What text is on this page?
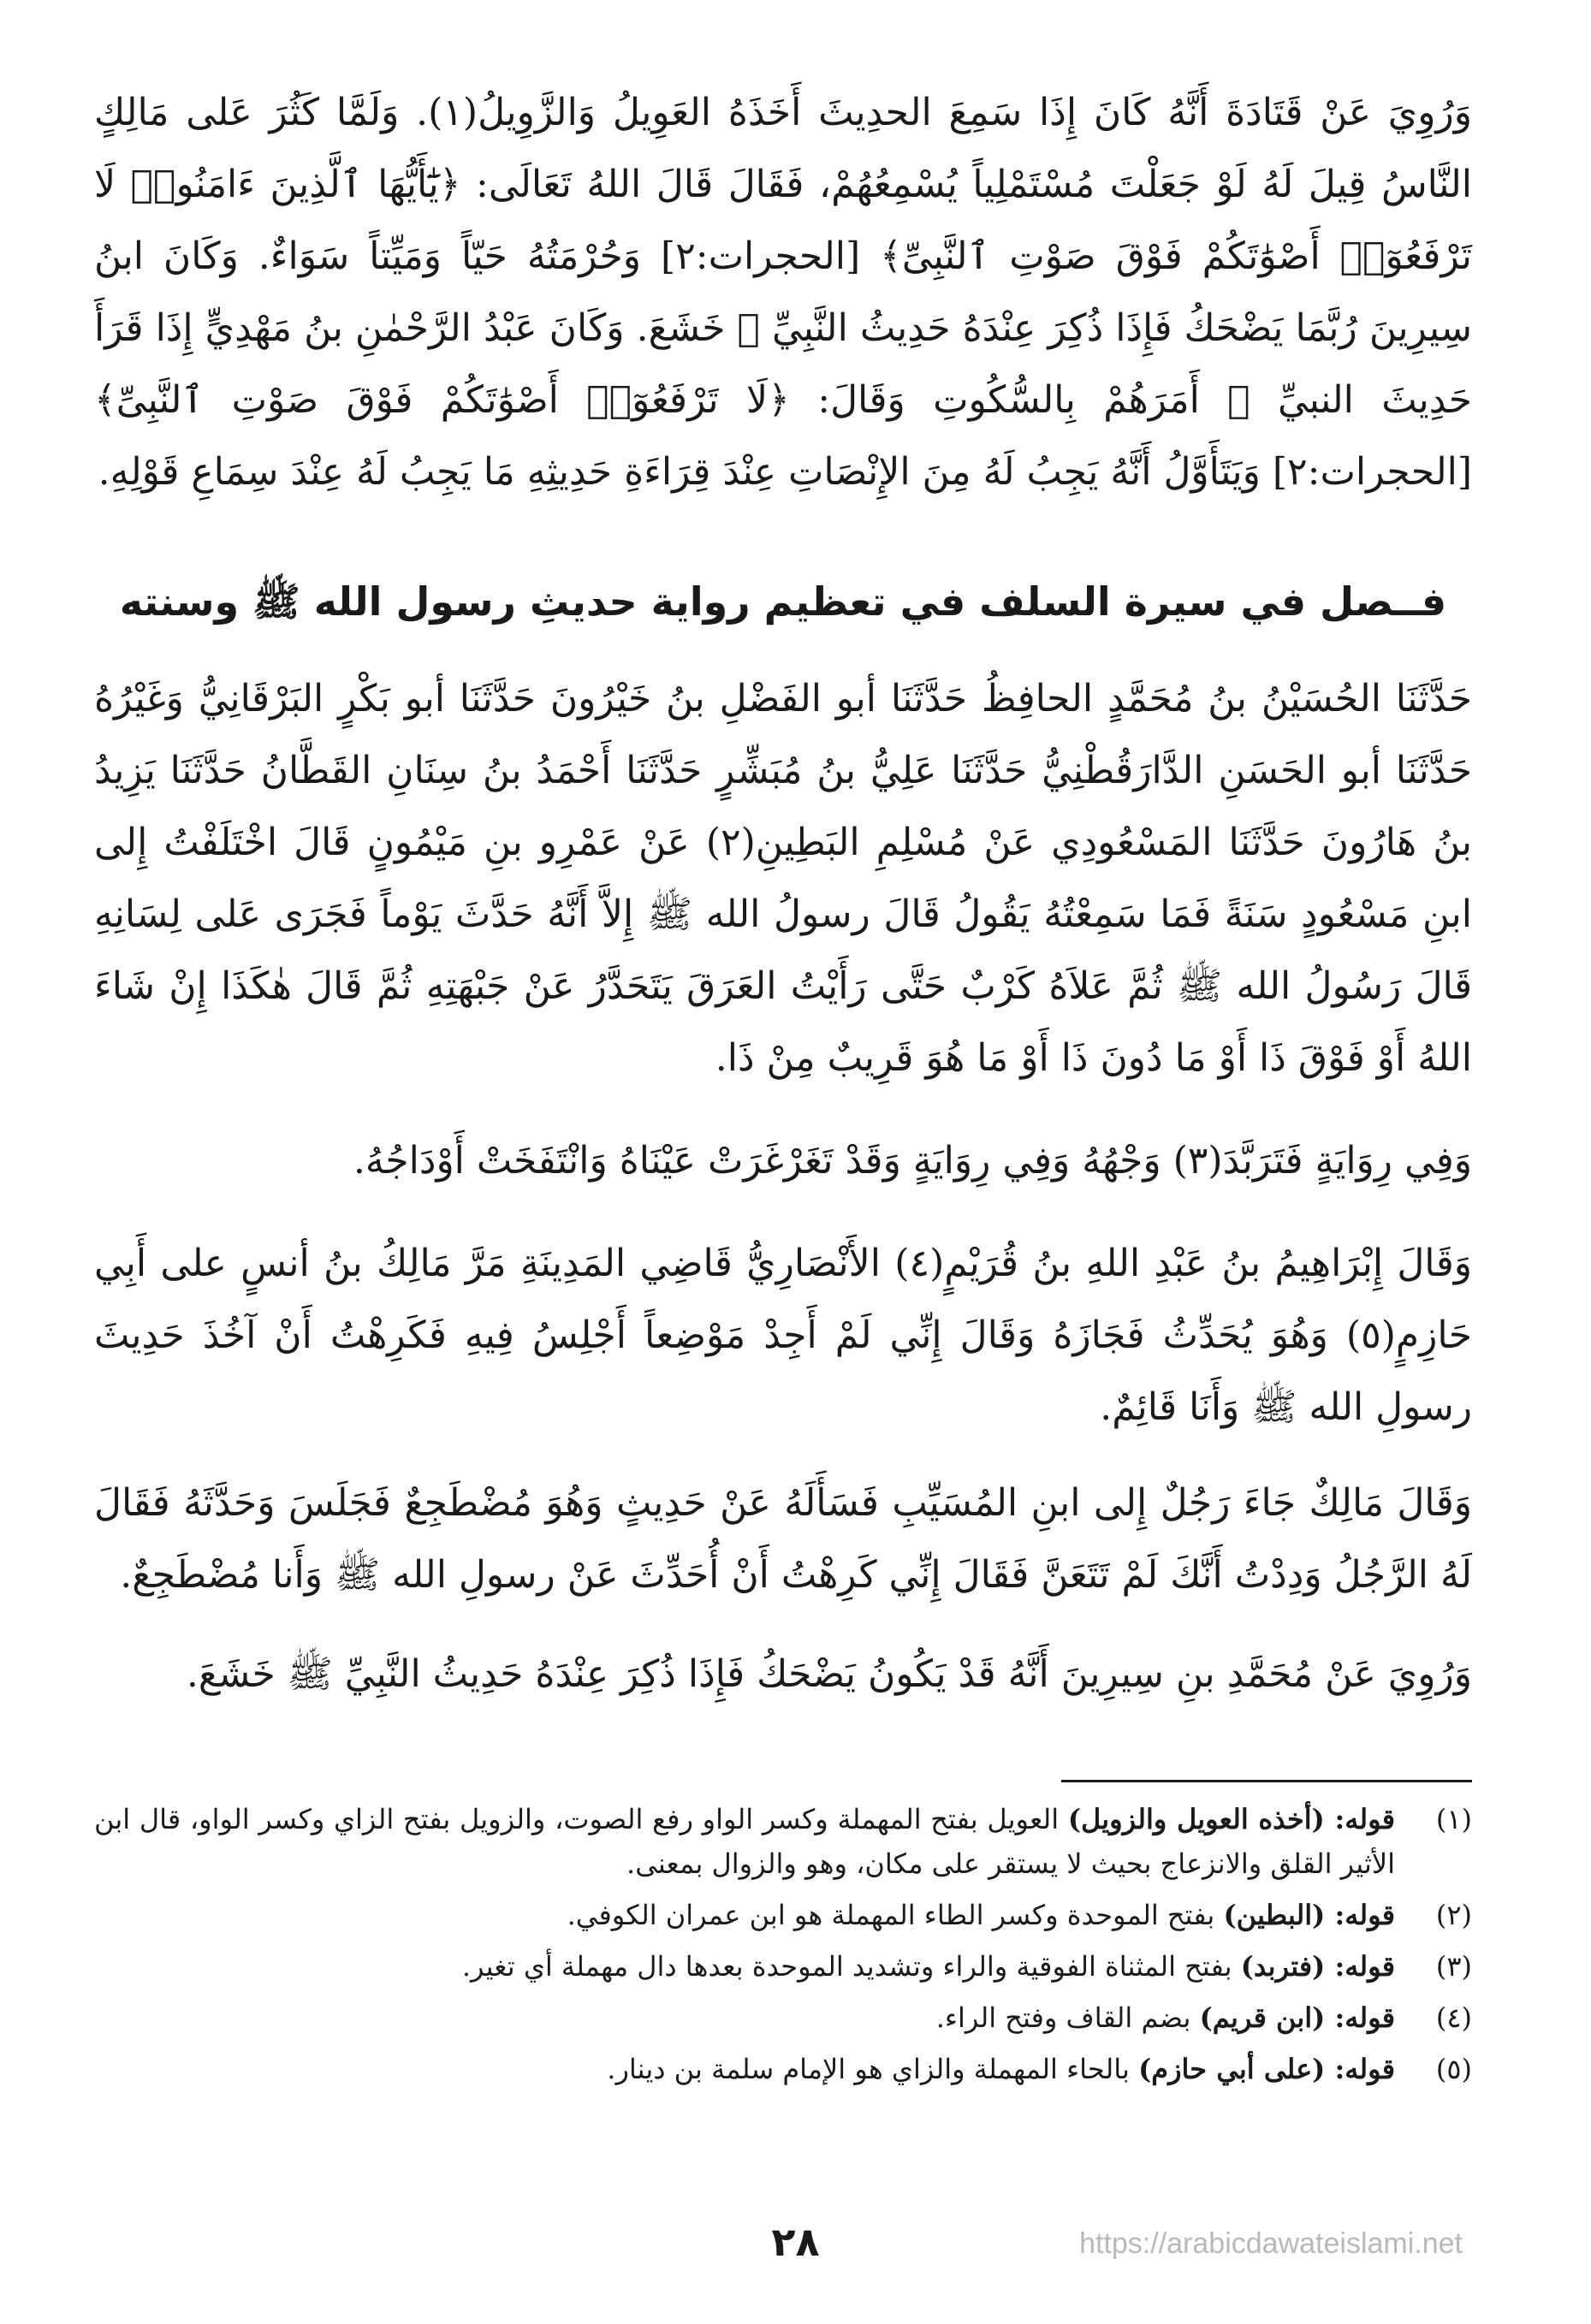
وَرُوِيَ عَنْ قَتَادَةَ أَنَّهُ كَانَ إِذَا سَمِعَ الحدِيثَ أَخَذَهُ العَوِيلُ وَالزَّوِيلُ(١). وَلَمَّا كَثُرَ عَلى مَالِكٍ النَّاسُ قِيلَ لَهُ لَوْ جَعَلْتَ مُسْتَمْلِياً يُسْمِعُهُمْ، فَقَالَ قَالَ اللهُ تَعَالَى: ﴿يَٰٓأَيُّهَا ٱلَّذِينَ ءَامَنُوا۟ لَا تَرْفَعُوٓا۟ أَصْوَٰتَكُمْ فَوْقَ صَوْتِ ٱلنَّبِىِّ﴾ [الحجرات:٢] وَحُرْمَتُهُ حَيّاً وَمَيِّتاً سَوَاءٌ. وَكَانَ ابنُ سِيرِينَ رُبَّمَا يَضْحَكُ فَإِذَا ذُكِرَ عِنْدَهُ حَدِيثُ النَّبِيِّ ﷺ خَشَعَ. وَكَانَ عَبْدُ الرَّحْمٰنِ بنُ مَهْدِيٍّ إِذَا قَرَأَ حَدِيثَ النبيِّ ﷺ أَمَرَهُمْ بِالسُّكُوتِ وَقَالَ: ﴿لَا تَرْفَعُوٓا۟ أَصْوَٰتَكُمْ فَوْقَ صَوْتِ ٱلنَّبِىِّ﴾ [الحجرات:٢] وَيَتَأَوَّلُ أَنَّهُ يَجِبُ لَهُ مِنَ الإِنْصَاتِ عِنْدَ قِرَاءَةِ حَدِيثِهِ مَا يَجِبُ لَهُ عِنْدَ سِمَاعِ قَوْلِهِ.

فــصل في سيرة السلف في تعظيم رواية حديثِ رسول الله ﷺ وسنته

حَدَّثَنَا الحُسَيْنُ بنُ مُحَمَّدٍ الحافِظُ حَدَّثَنَا أبو الفَضْلِ بنُ خَيْرُونَ حَدَّثَنَا أبو بَكْرٍ البَرْقَانِيُّ وَغَيْرُهُ حَدَّثَنَا أبو الحَسَنِ الدَّارَقُطْنِيُّ حَدَّثَنَا عَلِيُّ بنُ مُبَشِّرٍ حَدَّثَنَا أَحْمَدُ بنُ سِنَانِ القَطَّانُ حَدَّثَنَا يَزِيدُ بنُ هَارُونَ حَدَّثَنَا المَسْعُودِي عَنْ مُسْلِمِ البَطِينِ(٢) عَنْ عَمْرِو بنِ مَيْمُونٍ قَالَ اخْتَلَفْتُ إِلى ابنِ مَسْعُودٍ سَنَةً فَمَا سَمِعْتُهُ يَقُولُ قَالَ رسولُ الله ﷺ إِلاَّ أَنَّهُ حَدَّثَ يَوْماً فَجَرَى عَلى لِسَانِهِ قَالَ رَسُولُ الله ﷺ ثُمَّ عَلاَهُ كَرْبٌ حَتَّى رَأَيْتُ العَرَقَ يَتَحَدَّرُ عَنْ جَبْهَتِهِ ثُمَّ قَالَ هٰكَذَا إِنْ شَاءَ اللهُ أَوْ فَوْقَ ذَا أَوْ مَا دُونَ ذَا أَوْ مَا هُوَ قَرِيبٌ مِنْ ذَا.

وَفِي رِوَايَةٍ فَتَرَبَّدَ(٣) وَجْهُهُ وَفِي رِوَايَةٍ وَقَدْ تَغَرْغَرَتْ عَيْنَاهُ وَانْتَفَخَتْ أَوْدَاجُهُ.

وَقَالَ إِبْرَاهِيمُ بنُ عَبْدِ اللهِ بنُ قُرَيْمٍ(٤) الأَنْصَارِيُّ قَاضِي المَدِينَةِ مَرَّ مَالِكُ بنُ أنسٍ على أَبِي حَازِمٍ(٥) وَهُوَ يُحَدِّثُ فَجَازَهُ وَقَالَ إِنِّي لَمْ أَجِدْ مَوْضِعاً أَجْلِسُ فِيهِ فَكَرِهْتُ أَنْ آخُذَ حَدِيثَ رسولِ الله ﷺ وَأَنَا قَائِمٌ.

وَقَالَ مَالِكٌ جَاءَ رَجُلٌ إِلى ابنِ المُسَيِّبِ فَسَأَلَهُ عَنْ حَدِيثٍ وَهُوَ مُضْطَجِعٌ فَجَلَسَ وَحَدَّثَهُ فَقَالَ لَهُ الرَّجُلُ وَدِدْتُ أَنَّكَ لَمْ تَتَعَنَّ فَقَالَ إِنِّي كَرِهْتُ أَنْ أُحَدِّثَ عَنْ رسولِ الله ﷺ وَأَنا مُضْطَجِعٌ.

وَرُوِيَ عَنْ مُحَمَّدِ بنِ سِيرِينَ أَنَّهُ قَدْ يَكُونُ يَضْحَكُ فَإِذَا ذُكِرَ عِنْدَهُ حَدِيثُ النَّبِيِّ ﷺ خَشَعَ.

(١)
قوله: (أخذه العويل والزويل) العويل بفتح المهملة وكسر الواو رفع الصوت، والزويل بفتح الزاي وكسر الواو، قال ابن الأثير القلق والانزعاج بحيث لا يستقر على مكان، وهو والزوال بمعنى.
(٢)
قوله: (البطين) بفتح الموحدة وكسر الطاء المهملة هو ابن عمران الكوفي.
(٣)
قوله: (فتربد) بفتح المثناة الفوقية والراء وتشديد الموحدة بعدها دال مهملة أي تغير.
(٤)
قوله: (ابن قريم) بضم القاف وفتح الراء.
(٥)
قوله: (على أبي حازم) بالحاء المهملة والزاي هو الإمام سلمة بن دينار.
٢٨	https://arabicdawateislami.net
